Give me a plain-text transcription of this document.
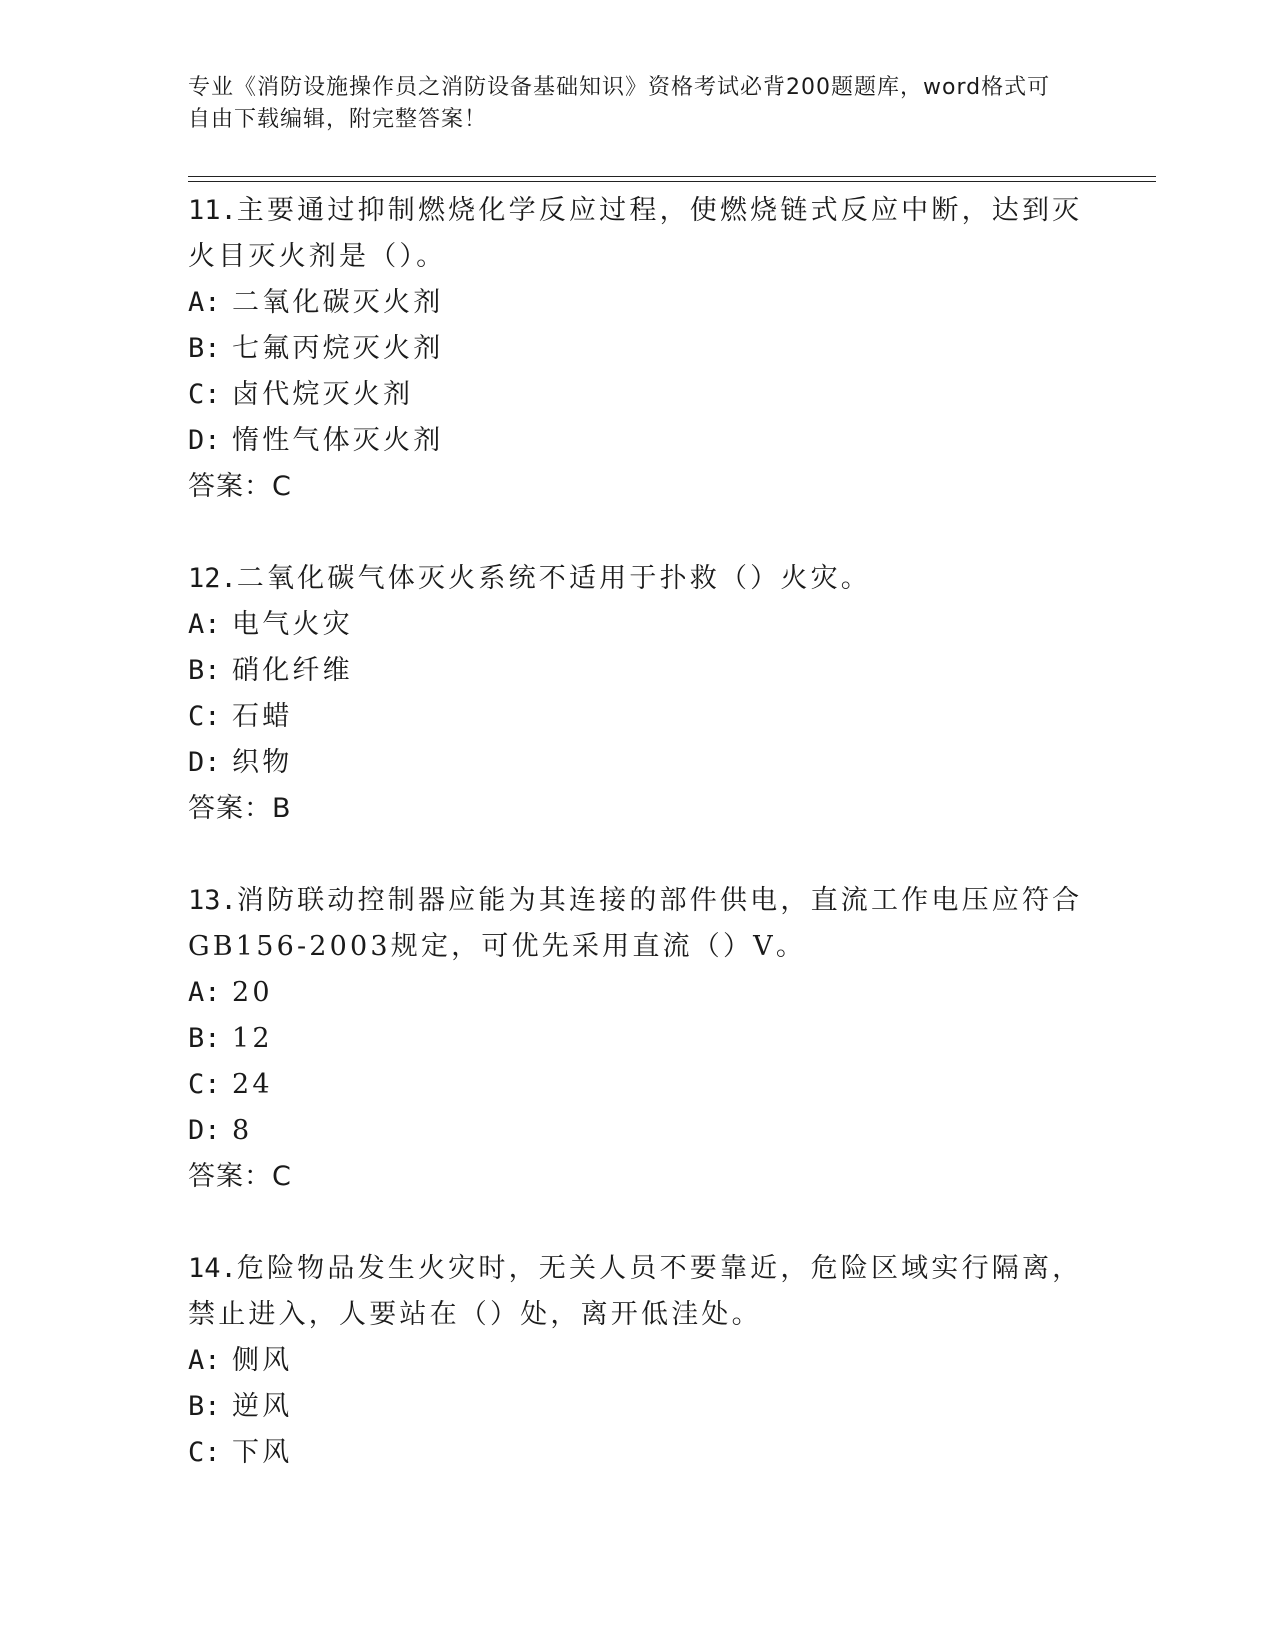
专业《消防设施操作员之消防设备基础知识》资格考试必背200题题库，word格式可自由下载编辑，附完整答案！

11.主要通过抑制燃烧化学反应过程，使燃烧链式反应中断，达到灭火目灭火剂是（）。

A: 二氧化碳灭火剂
B: 七氟丙烷灭火剂
C: 卤代烷灭火剂
D: 惰性气体灭火剂
答案：C

12.二氧化碳气体灭火系统不适用于扑救（）火灾。

A: 电气火灾
B: 硝化纤维
C: 石蜡
D: 织物
答案：B

13.消防联动控制器应能为其连接的部件供电，直流工作电压应符合GB156-2003规定，可优先采用直流（）V。

A: 20
B: 12
C: 24
D: 8
答案：C

14.危险物品发生火灾时，无关人员不要靠近，危险区域实行隔离，禁止进入，人要站在（）处，离开低洼处。

A: 侧风
B: 逆风
C: 下风
